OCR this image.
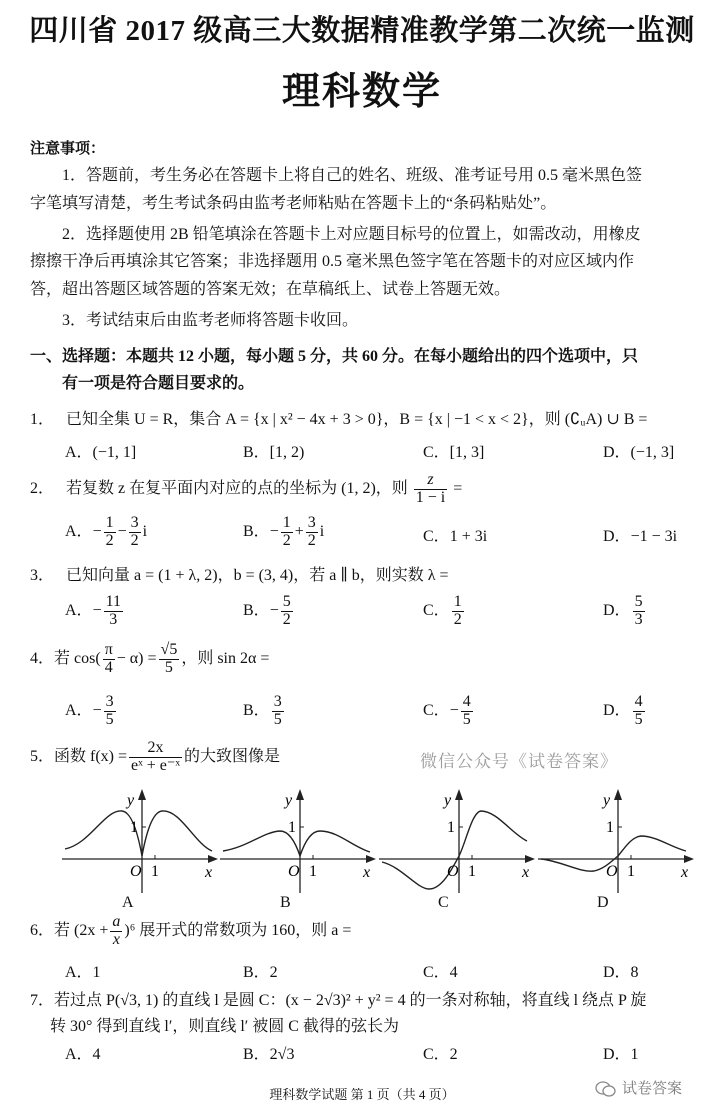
四川省 2017 级高三大数据精准教学第二次统一监测
理科数学
注意事项：
1．答题前，考生务必在答题卡上将自己的姓名、班级、准考证号用 0.5 毫米黑色签
字笔填写清楚，考生考试条码由监考老师粘贴在答题卡上的“条码粘贴处”。
2．选择题使用 2B 铅笔填涂在答题卡上对应题目标号的位置上，如需改动，用橡皮
擦擦干净后再填涂其它答案；非选择题用 0.5 毫米黑色签字笔在答题卡的对应区域内作
答，超出答题区域答题的答案无效；在草稿纸上、试卷上答题无效。
3．考试结束后由监考老师将答题卡收回。
一、选择题：本题共 12 小题，每小题 5 分，共 60 分。在每小题给出的四个选项中，只
有一项是符合题目要求的。
1． 已知全集 U = R，集合 A = {x | x² − 4x + 3 > 0}，B = {x | −1 < x < 2}，则 (∁ᵤA) ∪ B =
A．(−1, 1]	B．[1, 2)	C．[1, 3]	D．(−1, 3]
2． 若复数 z 在复平面内对应的点的坐标为 (1, 2)，则 $\frac{z}{1 - i}$ =
A．− $\frac{1}{2} - \frac{3}{2}$ i	B．− $\frac{1}{2} + \frac{3}{2}$ i	C．1 + 3i	D．−1 − 3i
3． 已知向量 a = (1 + λ, 2)，b = (3, 4)，若 a ∥ b，则实数 λ =
A．− $\frac{11}{3}$	B．− $\frac{5}{2}$	C． $\frac{1}{2}$	D． $\frac{5}{3}$
4．若 $\cos( \frac{\pi}{4} - \alpha) = \frac{√5}{5}$ ，则 sin 2α =
A．− $\frac{3}{5}$	B． $\frac{3}{5}$	C．− $\frac{4}{5}$	D． $\frac{4}{5}$
5．函数 $f(x) = \frac{2x}{\text{eˣ + e⁻ˣ}}$ 的大致图像是	微信公众号《试卷答案》
y
1
O 1	x
y
1
O 1	x
y
1
O 1	x
y
1
O 1	x
A	B	C	D
6．若 $(2x + \frac{a}{x} )^6$ 展开式的常数项为 160，则 a =
A．1	B．2	C．4	D．8
7．若过点 P(√3, 1) 的直线 l 是圆 C：(x − 2√3)² + y² = 4 的一条对称轴，将直线 l 绕点 P 旋
转 30° 得到直线 l′，则直线 l′ 被圆 C 截得的弦长为
A．4	B．2√3	C．2	D．1
理科数学试题 第 1 页（共 4 页）	试卷答案
